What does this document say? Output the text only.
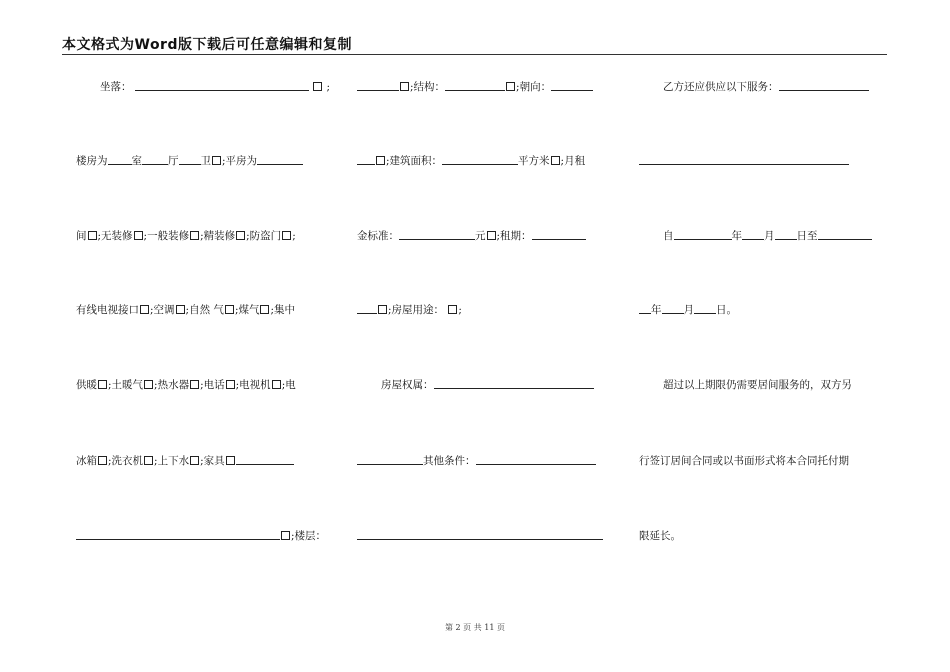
本文格式为Word版下载后可任意编辑和复制
坐落：	;
楼房为 室 厅 卫 ;平房为
间 ;无装修 ;一般装修 ;精装修 ;防盗门 ;
有线电视接口 ;空调 ;自然 气 ;煤气 ;集中
供暖 ;土暖气 ;热水器 ;电话 ;电视机 ;电
冰箱 ;洗衣机 ;上下水 ;家具
;楼层：
;结构：	;朝向：
;建筑面积：	平方米 ;月租
金标准：	元 ;租期：
;房屋用途： ;
房屋权属：
其他条件：
乙方还应供应以下服务：
自	年 月 日至
年 月 日。
超过以上期限仍需要居间服务的，双方另
行签订居间合同或以书面形式将本合同托付期
限延长。
第 2 页 共 11 页
